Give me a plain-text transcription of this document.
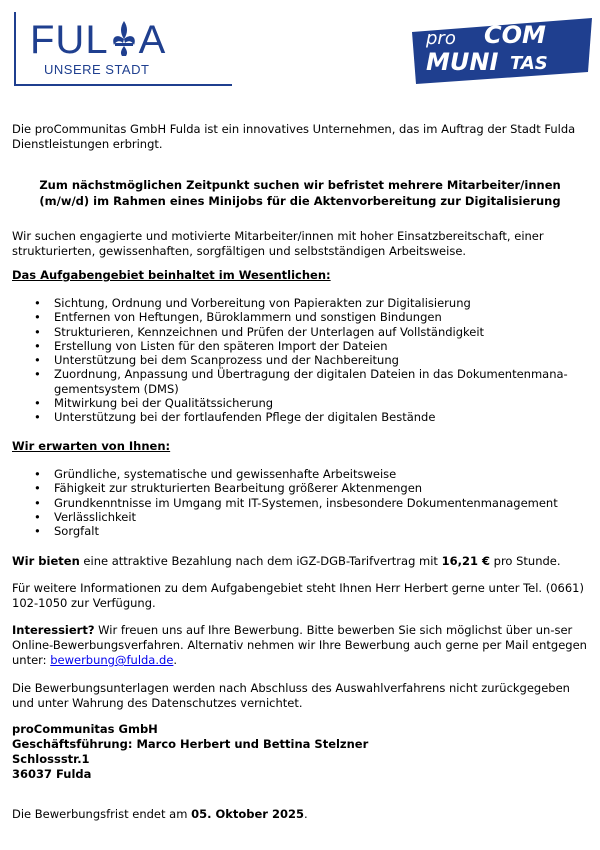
FUL A
UNSERE STADT
pro COM
MUNI TAS

Die proCommunitas GmbH Fulda ist ein innovatives Unternehmen, das im Auftrag der Stadt Fulda Dienstleistungen erbringt.

Zum nächstmöglichen Zeitpunkt suchen wir befristet mehrere Mitarbeiter/innen
(m/w/d) im Rahmen eines Minijobs für die Aktenvorbereitung zur Digitalisierung

Wir suchen engagierte und motivierte Mitarbeiter/innen mit hoher Einsatzbereitschaft, einer strukturierten, gewissenhaften, sorgfältigen und selbstständigen Arbeitsweise.

Das Aufgabengebiet beinhaltet im Wesentlichen:
• Sichtung, Ordnung und Vorbereitung von Papierakten zur Digitalisierung
• Entfernen von Heftungen, Büroklammern und sonstigen Bindungen
• Strukturieren, Kennzeichnen und Prüfen der Unterlagen auf Vollständigkeit
• Erstellung von Listen für den späteren Import der Dateien
• Unterstützung bei dem Scanprozess und der Nachbereitung
• Zuordnung, Anpassung und Übertragung der digitalen Dateien in das Dokumentenmana-gementsystem (DMS)
• Mitwirkung bei der Qualitätssicherung
• Unterstützung bei der fortlaufenden Pflege der digitalen Bestände
Wir erwarten von Ihnen:
• Gründliche, systematische und gewissenhafte Arbeitsweise
• Fähigkeit zur strukturierten Bearbeitung größerer Aktenmengen
• Grundkenntnisse im Umgang mit IT-Systemen, insbesondere Dokumentenmanagement
• Verlässlichkeit
• Sorgfalt

Wir bieten eine attraktive Bezahlung nach dem iGZ-DGB-Tarifvertrag mit 16,21 € pro Stunde.

Für weitere Informationen zu dem Aufgabengebiet steht Ihnen Herr Herbert gerne unter Tel. (0661) 102-1050 zur Verfügung.

Interessiert? Wir freuen uns auf Ihre Bewerbung. Bitte bewerben Sie sich möglichst über un-ser Online-Bewerbungsverfahren. Alternativ nehmen wir Ihre Bewerbung auch gerne per Mail entgegen unter: bewerbung@fulda.de.

Die Bewerbungsunterlagen werden nach Abschluss des Auswahlverfahrens nicht zurückgegeben und unter Wahrung des Datenschutzes vernichtet.

proCommunitas GmbH
Geschäftsführung: Marco Herbert und Bettina Stelzner
Schlossstr.1
36037 Fulda

Die Bewerbungsfrist endet am 05. Oktober 2025.
